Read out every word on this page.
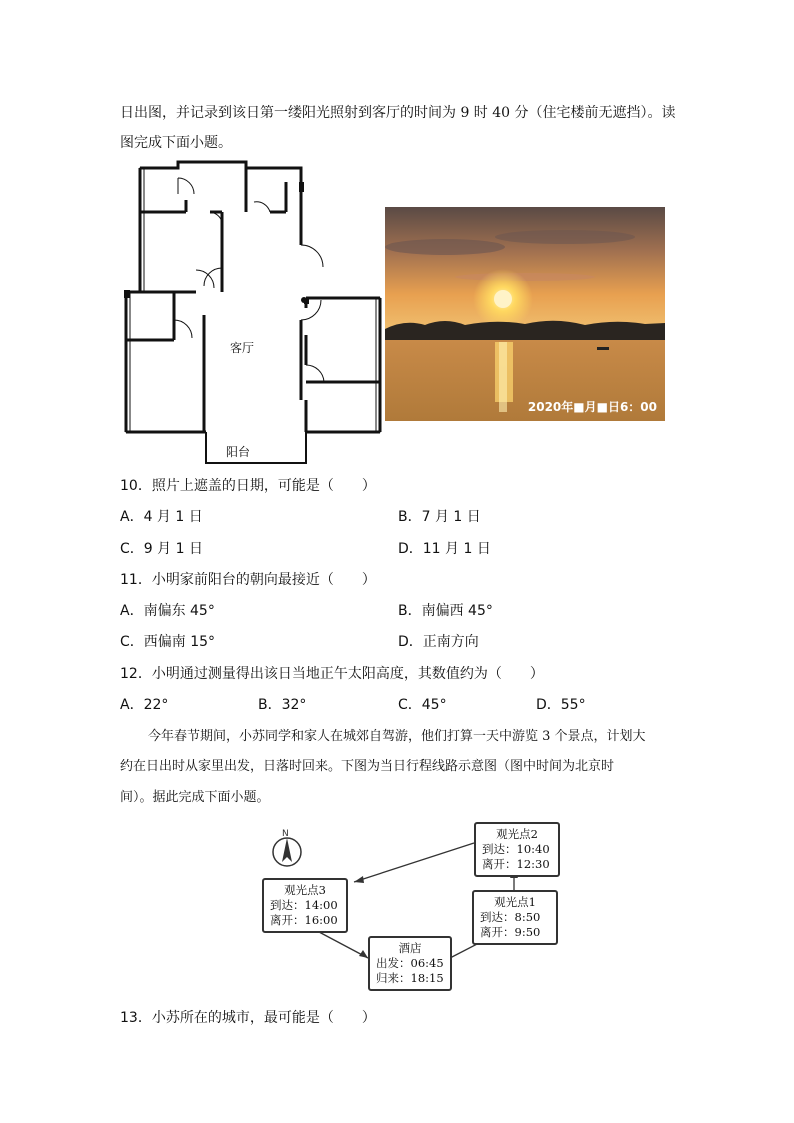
日出图，并记录到该日第一缕阳光照射到客厅的时间为 9 时 40 分（住宅楼前无遮挡）。读
图完成下面小题。
客厅
阳台
2020年■月■日6：00
10．照片上遮盖的日期，可能是（　　）
A．4 月 1 日	B．7 月 1 日
C．9 月 1 日	D．11 月 1 日
11．小明家前阳台的朝向最接近（　　）
A．南偏东 45°	B．南偏西 45°
C．西偏南 15°	D．正南方向
12．小明通过测量得出该日当地正午太阳高度，其数值约为（　　）
A．22°	B．32°	C．45°	D．55°
今年春节期间，小苏同学和家人在城郊自驾游，他们打算一天中游览 3 个景点，计划大
约在日出时从家里出发，日落时回来。下图为当日行程线路示意图（图中时间为北京时
间）。据此完成下面小题。
N	观光点2
到达：10:40
离开：12:30
观光点3
到达：14:00
离开：16:00
观光点1
到达：8:50
离开：9:50
酒店
出发：06:45
归来：18:15
13．小苏所在的城市，最可能是（　　）
